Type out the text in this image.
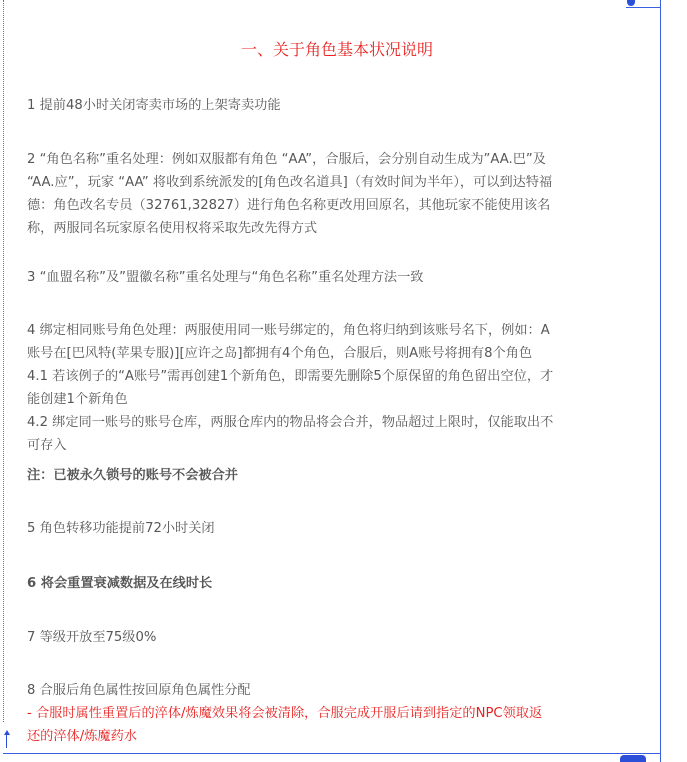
一、关于角色基本状况说明

1 提前48小时关闭寄卖市场的上架寄卖功能

2 “角色名称”重名处理：例如双服都有角色 “AA”，合服后，会分别自动生成为”AA.巴”及
“AA.应”，玩家 “AA” 将收到系统派发的[角色改名道具]（有效时间为半年），可以到达特福
德：角色改名专员（32761,32827）进行角色名称更改用回原名，其他玩家不能使用该名
称，两服同名玩家原名使用权将采取先改先得方式

3 “血盟名称”及”盟徽名称”重名处理与“角色名称”重名处理方法一致

4 绑定相同账号角色处理：两服使用同一账号绑定的，角色将归纳到该账号名下，例如：A
账号在[巴风特(苹果专服)][应许之岛]都拥有4个角色，合服后，则A账号将拥有8个角色
4.1 若该例子的“A账号”需再创建1个新角色，即需要先删除5个原保留的角色留出空位，才
能创建1个新角色
4.2 绑定同一账号的账号仓库，两服仓库内的物品将会合并，物品超过上限时，仅能取出不
可存入

注：已被永久锁号的账号不会被合并

5 角色转移功能提前72小时关闭

6 将会重置衰减数据及在线时长

7 等级开放至75级0%

8 合服后角色属性按回原角色属性分配
- 合服时属性重置后的淬体/炼魔效果将会被清除，合服完成开服后请到指定的NPC领取返
还的淬体/炼魔药水
